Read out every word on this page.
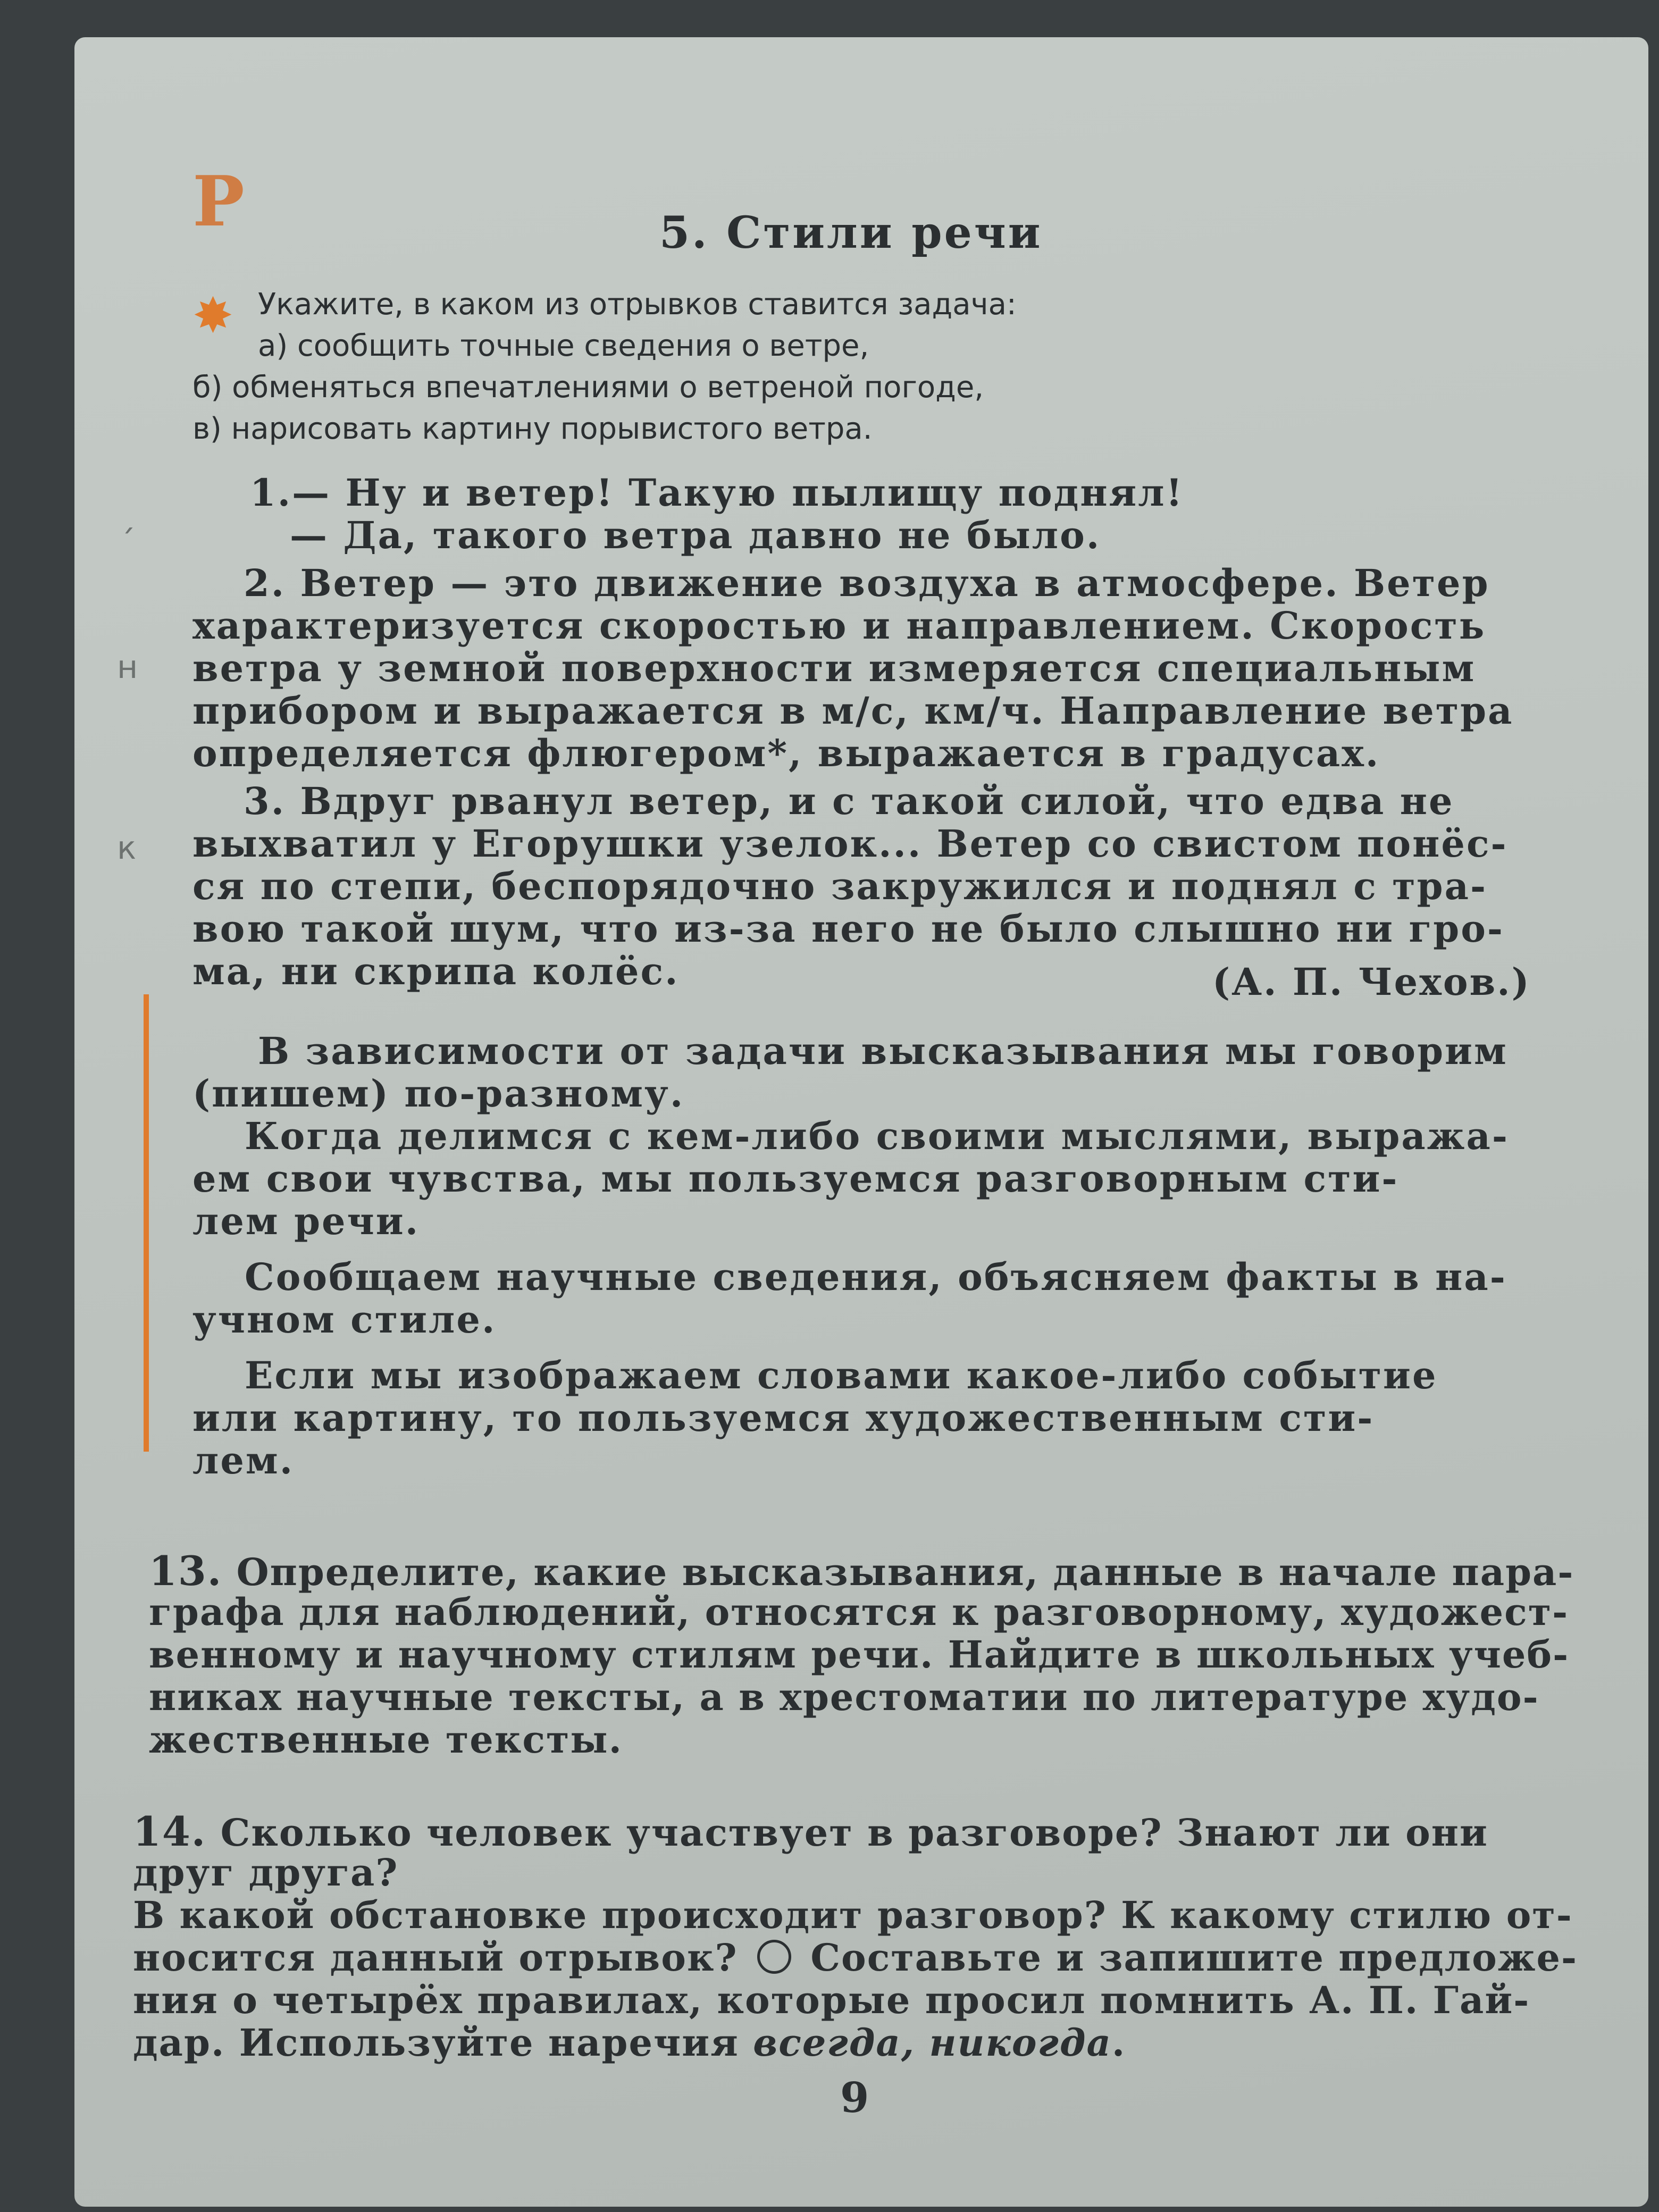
Р	5. Стили речи
✸ Укажите, в каком из отрывков ставится задача:
а) сообщить точные сведения о ветре,
б) обменяться впечатлениями о ветреной погоде,
в) нарисовать картину порывистого ветра.
1.— Ну и ветер! Такую пылищу поднял!
— Да, такого ветра давно не было.
2. Ветер — это движение воздуха в атмосфере. Ветер
характеризуется скоростью и направлением. Скорость
ветра у земной поверхности измеряется специальным
прибором и выражается в м/с, км/ч. Направление ветра
определяется флюгером*, выражается в градусах.
3. Вдруг рванул ветер, и с такой силой, что едва не
выхватил у Егорушки узелок... Ветер со свистом понёс-
ся по степи, беспорядочно закружился и поднял с тра-
вою такой шум, что из-за него не было слышно ни гро-
ма, ни скрипа колёс.	(А. П. Чехов.)
׳
н
к
В зависимости от задачи высказывания мы говорим
(пишем) по-разному.
Когда делимся с кем-либо своими мыслями, выража-
ем свои чувства, мы пользуемся разговорным сти-
лем речи.
Сообщаем научные сведения, объясняем факты в на-
учном стиле.
Если мы изображаем словами какое-либо событие
или картину, то пользуемся художественным сти-
лем.
13. Определите, какие высказывания, данные в начале пара-
графа для наблюдений, относятся к разговорному, художест-
венному и научному стилям речи. Найдите в школьных учеб-
никах научные тексты, а в хрестоматии по литературе худо-
жественные тексты.
14. Сколько человек участвует в разговоре? Знают ли они
друг друга?
В какой обстановке происходит разговор? К какому стилю от-
носится данный отрывок? Составьте и запишите предложе-
ния о четырёх правилах, которые просил помнить А. П. Гай-
дар. Используйте наречия всегда, никогда.
9
